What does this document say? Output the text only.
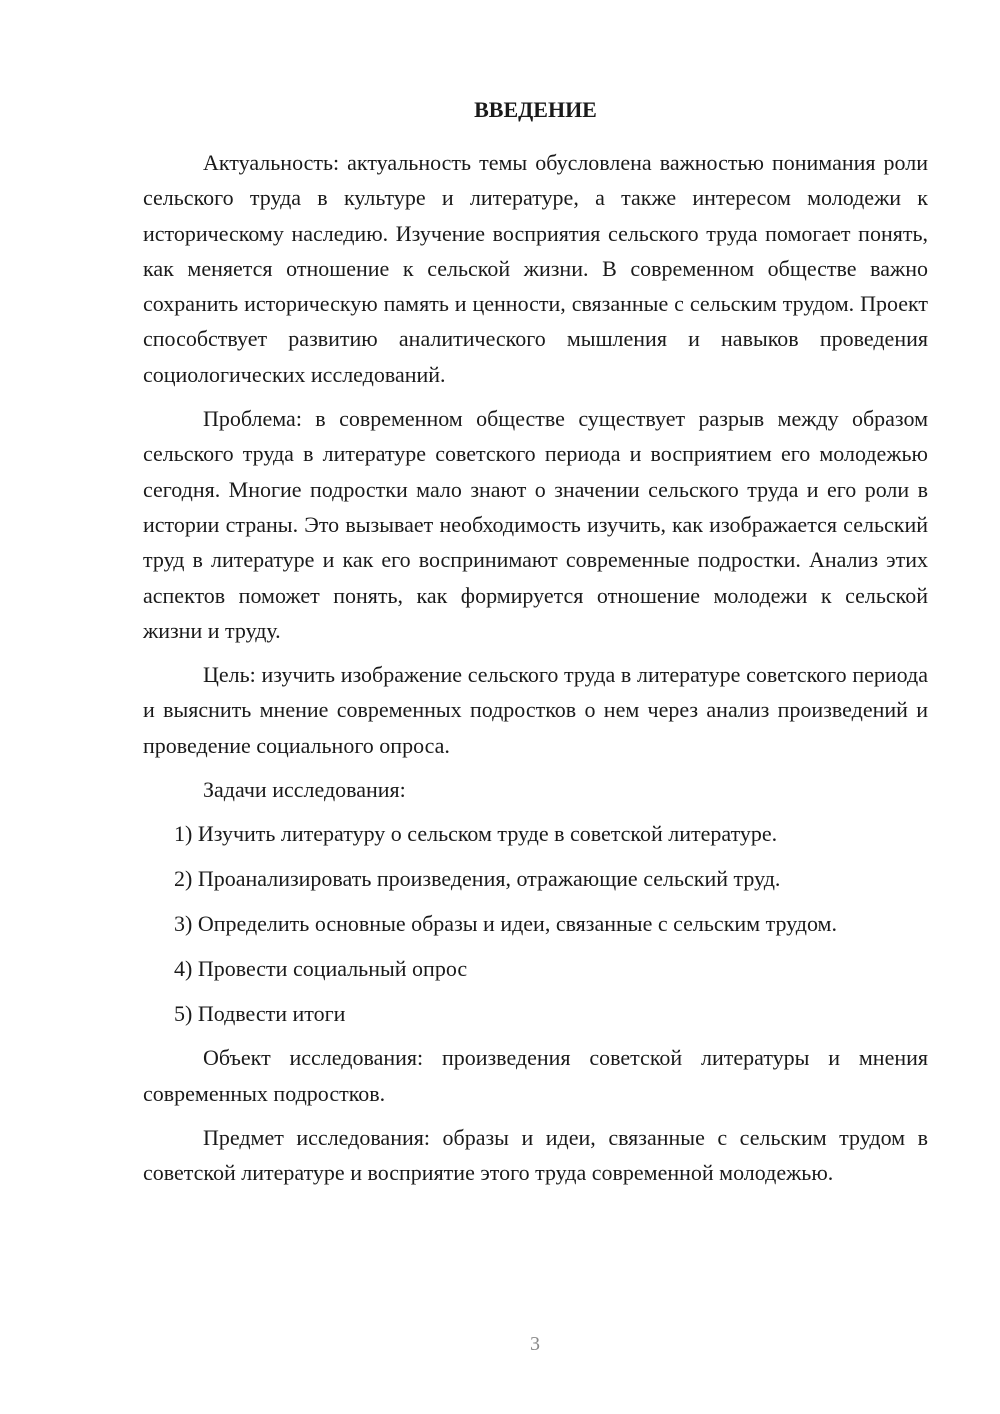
ВВЕДЕНИЕ

Актуальность: актуальность темы обусловлена важностью понимания роли сельского труда в культуре и литературе, а также интересом молодежи к историческому наследию. Изучение восприятия сельского труда помогает понять, как меняется отношение к сельской жизни. В современном обществе важно сохранить историческую память и ценности, связанные с сельским трудом. Проект способствует развитию аналитического мышления и навыков проведения социологических исследований.

Проблема: в современном обществе существует разрыв между образом сельского труда в литературе советского периода и восприятием его молодежью сегодня. Многие подростки мало знают о значении сельского труда и его роли в истории страны. Это вызывает необходимость изучить, как изображается сельский труд в литературе и как его воспринимают современные подростки. Анализ этих аспектов поможет понять, как формируется отношение молодежи к сельской жизни и труду.

Цель: изучить изображение сельского труда в литературе советского периода и выяснить мнение современных подростков о нем через анализ произведений и проведение социального опроса.

Задачи исследования:
1) Изучить литературу о сельском труде в советской литературе.
2) Проанализировать произведения, отражающие сельский труд.
3) Определить основные образы и идеи, связанные с сельским трудом.
4) Провести социальный опрос
5) Подвести итоги

Объект исследования: произведения советской литературы и мнения современных подростков.

Предмет исследования: образы и идеи, связанные с сельским трудом в советской литературе и восприятие этого труда современной молодежью.

3
